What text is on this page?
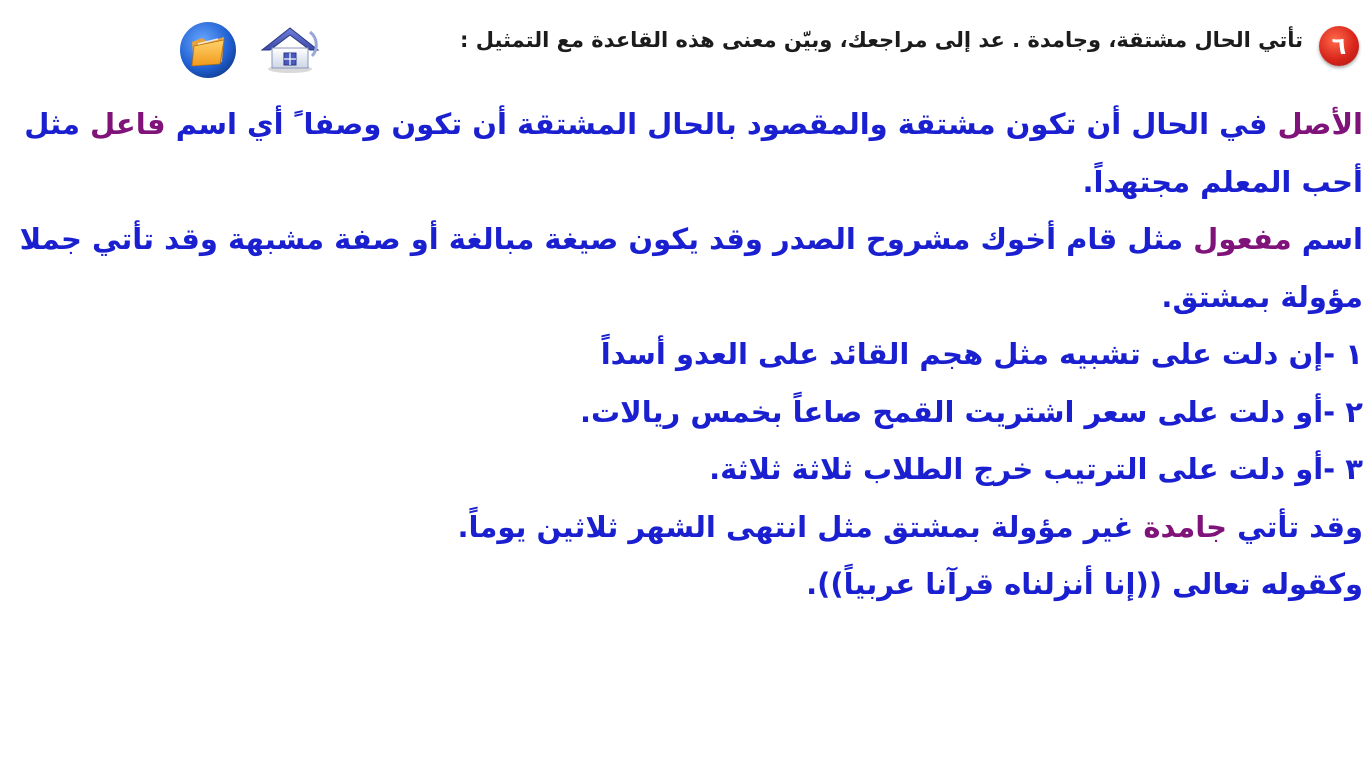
٦
تأتي الحال مشتقة، وجامدة . عد إلى مراجعك، وبيّن معنى هذه القاعدة مع التمثيل :
الأصل في الحال أن تكون مشتقة والمقصود بالحال المشتقة أن تكون وصفا ً أي اسم فاعل مثل
أحب المعلم مجتهداً.
اسم مفعول مثل قام أخوك مشروح الصدر وقد يكون صيغة مبالغة أو صفة مشبهة وقد تأتي جملا
مؤولة بمشتق.
١ -إن دلت على تشبيه مثل هجم القائد على العدو أسداً
٢ -أو دلت على سعر اشتريت القمح صاعاً بخمس ريالات.
٣ -أو دلت على الترتيب خرج الطلاب ثلاثة ثلاثة.
وقد تأتي جامدة غير مؤولة بمشتق مثل انتهى الشهر ثلاثين يوماً.
وكقوله تعالى ((إنا أنزلناه قرآنا عربياً)).
